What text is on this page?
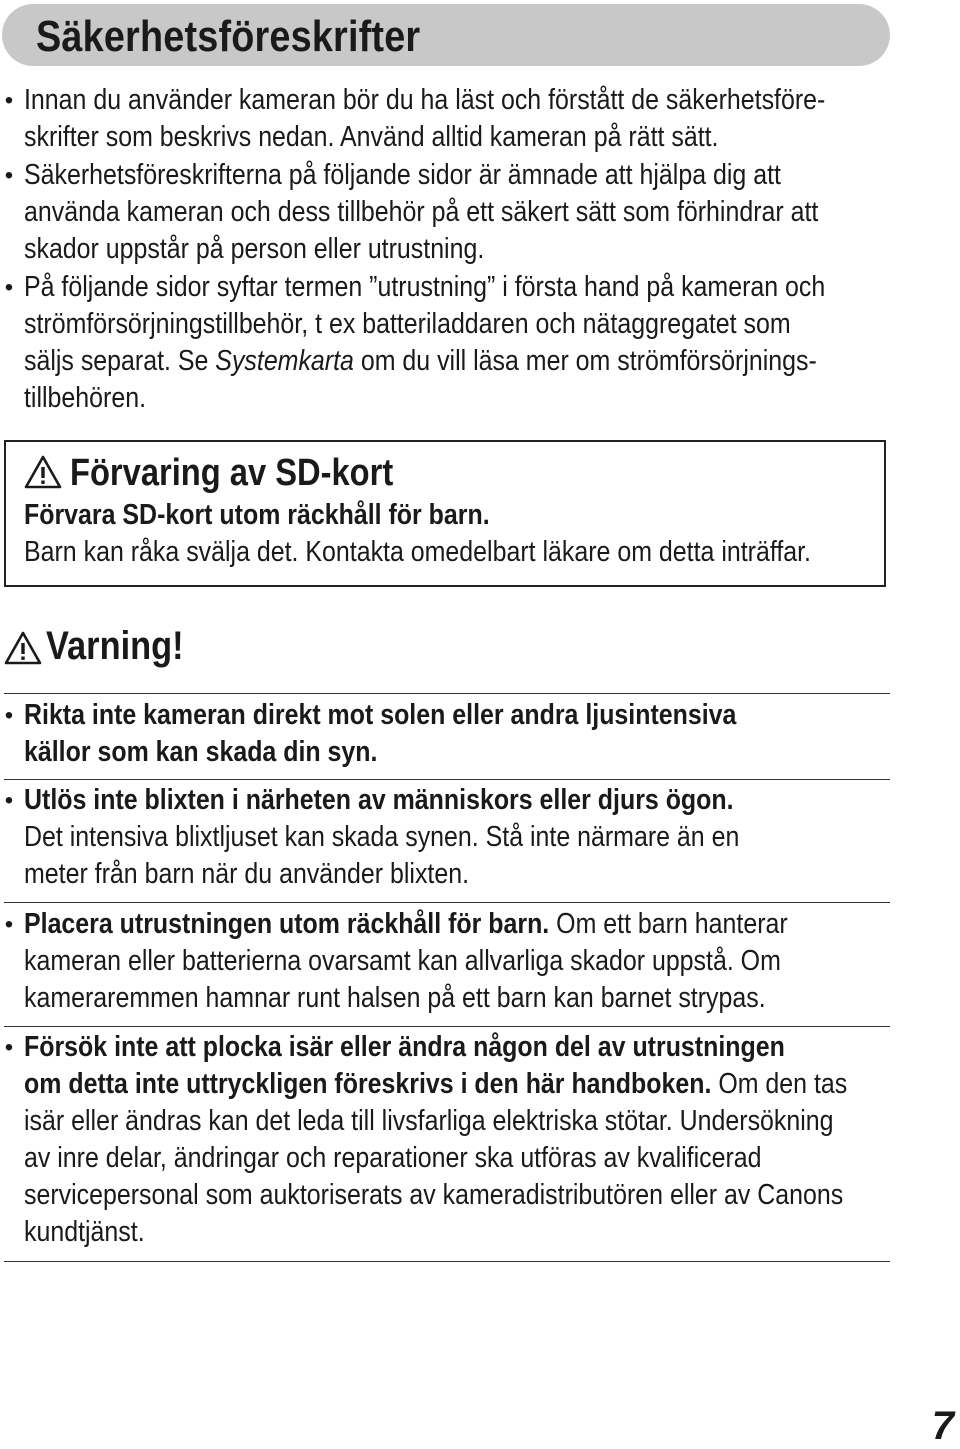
Säkerhetsföreskrifter
• Innan du använder kameran bör du ha läst och förstått de säkerhetsföre-
skrifter som beskrivs nedan. Använd alltid kameran på rätt sätt.
• Säkerhetsföreskrifterna på följande sidor är ämnade att hjälpa dig att
använda kameran och dess tillbehör på ett säkert sätt som förhindrar att
skador uppstår på person eller utrustning.
• På följande sidor syftar termen ”utrustning” i första hand på kameran och
strömförsörjningstillbehör, t ex batteriladdaren och nätaggregatet som
säljs separat. Se Systemkarta om du vill läsa mer om strömförsörjnings-
tillbehören.
Förvaring av SD-kort
Förvara SD-kort utom räckhåll för barn.
Barn kan råka svälja det. Kontakta omedelbart läkare om detta inträffar.
Varning!
• Rikta inte kameran direkt mot solen eller andra ljusintensiva
källor som kan skada din syn.
• Utlös inte blixten i närheten av människors eller djurs ögon.
Det intensiva blixtljuset kan skada synen. Stå inte närmare än en
meter från barn när du använder blixten.
• Placera utrustningen utom räckhåll för barn. Om ett barn hanterar
kameran eller batterierna ovarsamt kan allvarliga skador uppstå. Om
kameraremmen hamnar runt halsen på ett barn kan barnet strypas.
• Försök inte att plocka isär eller ändra någon del av utrustningen
om detta inte uttryckligen föreskrivs i den här handboken. Om den tas
isär eller ändras kan det leda till livsfarliga elektriska stötar. Undersökning
av inre delar, ändringar och reparationer ska utföras av kvalificerad
servicepersonal som auktoriserats av kameradistributören eller av Canons
kundtjänst.
7
